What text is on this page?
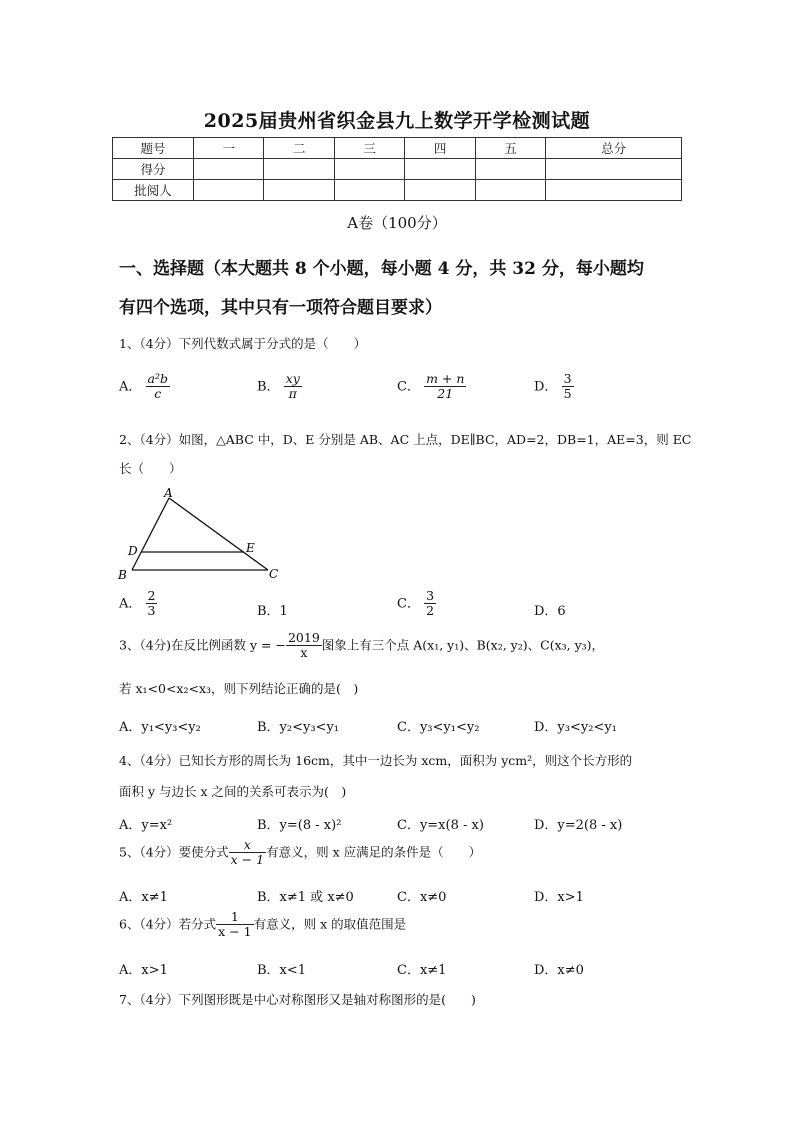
2025届贵州省织金县九上数学开学检测试题
题号	一	二	三	四	五	总分
得分						
批阅人						
A卷（100分）
一、选择题（本大题共 8 个小题，每小题 4 分，共 32 分，每小题均
有四个选项，其中只有一项符合题目要求）
1、（4分）下列代数式属于分式的是（　　）
A． $\frac{\text{a²b}}{c}$	B． $\frac{xy}{\pi}$	C． $\frac{m + n}{21}$	D． $\frac{3}{5}$
2、（4分）如图，△ABC 中，D、E 分别是 AB、AC 上点，DE∥BC，AD=2，DB=1，AE=3，则 EC
长（　　）
A
D	E
B	C
A． $\frac{2}{3}$	B．1
C． $\frac{3}{2}$	D．6
3、（4分)在反比例函数 y = − $\frac{2019}{x}$ 图象上有三个点 A(x₁, y₁)、B(x₂, y₂)、C(x₃, y₃)，
若 x₁<0<x₂<x₃，则下列结论正确的是(　)
A．y₁<y₃<y₂	B．y₂<y₃<y₁	C．y₃<y₁<y₂	D．y₃<y₂<y₁
4、（4分）已知长方形的周长为 16cm，其中一边长为 xcm，面积为 ycm²，则这个长方形的
面积 y 与边长 x 之间的关系可表示为(　)
A．y=x²	B．y=(8 - x)²	C．y=x(8 - x)	D．y=2(8 - x)
5、（4分）要使分式 $\frac{x}{x - 1}$ 有意义，则 x 应满足的条件是（　　）
A．x≠1	B．x≠1 或 x≠0	C．x≠0	D．x>1
6、（4分）若分式 $\frac{1}{x - 1}$ 有意义，则 x 的取值范围是
A．x>1	B．x<1	C．x≠1	D．x≠0
7、（4分）下列图形既是中心对称图形又是轴对称图形的是(　　)
